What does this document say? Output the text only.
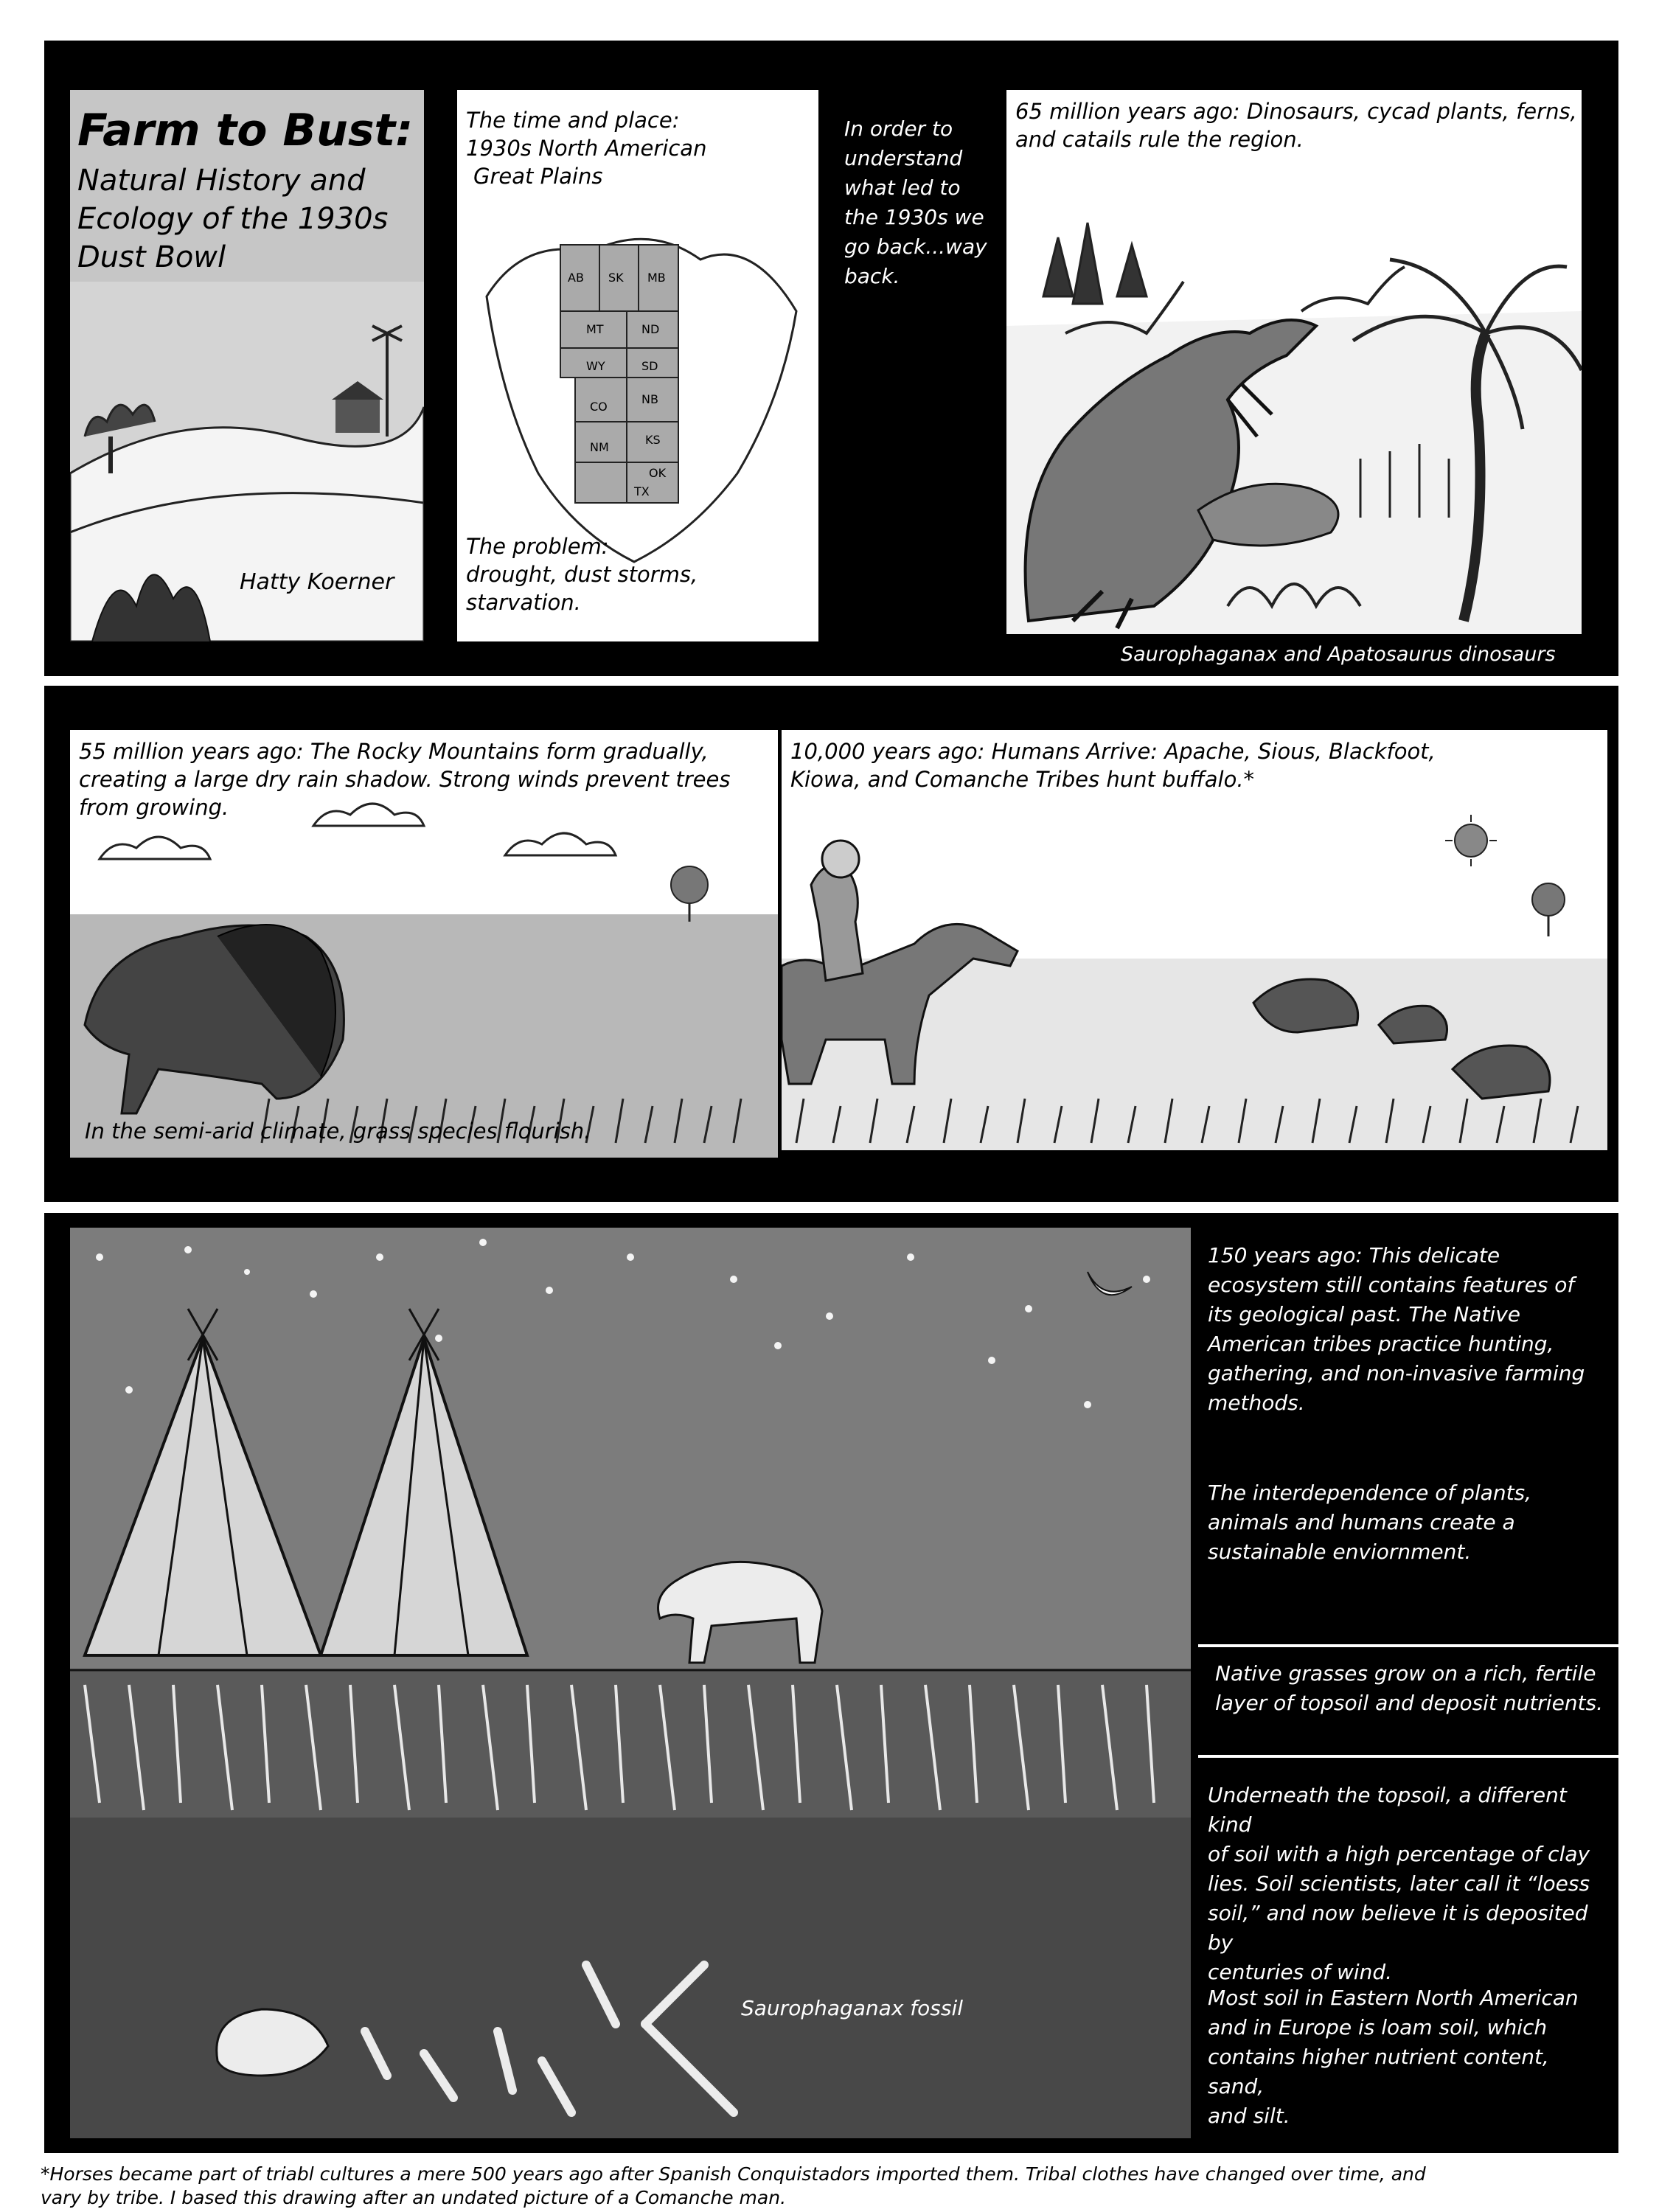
Farm to Bust:
Natural History and
Ecology of the 1930s
Dust Bowl
Hatty Koerner
The time and place:
1930s North American
Great Plains
AB SK MB
MT	ND
SD
WY
NB
CO
KS
NM
OK
TX
The problem:
drought, dust storms,
starvation.
In order to
understand
what led to
the 1930s we
go back...way
back.
65 million years ago: Dinosaurs, cycad plants, ferns,
and catails rule the region.
Saurophaganax and Apatosaurus dinosaurs
55 million years ago: The Rocky Mountains form gradually,
creating a large dry rain shadow. Strong winds prevent trees
from growing.
In the semi-arid climate, grass species flourish.
10,000 years ago: Humans Arrive: Apache, Sious, Blackfoot,
Kiowa, and Comanche Tribes hunt buffalo.*
Saurophaganax fossil
150 years ago: This delicate
ecosystem still contains features of
its geological past. The Native
American tribes practice hunting,
gathering, and non-invasive farming
methods.
The interdependence of plants,
animals and humans create a
sustainable enviornment.
Native grasses grow on a rich, fertile
layer of topsoil and deposit nutrients.
Underneath the topsoil, a different kind
of soil with a high percentage of clay
lies. Soil scientists, later call it “loess
soil,” and now believe it is deposited by
centuries of wind.
Most soil in Eastern North American
and in Europe is loam soil, which
contains higher nutrient content, sand,
and silt.
*Horses became part of triabl cultures a mere 500 years ago after Spanish Conquistadors imported them. Tribal clothes have changed over time, and
vary by tribe. I based this drawing after an undated picture of a Comanche man.
